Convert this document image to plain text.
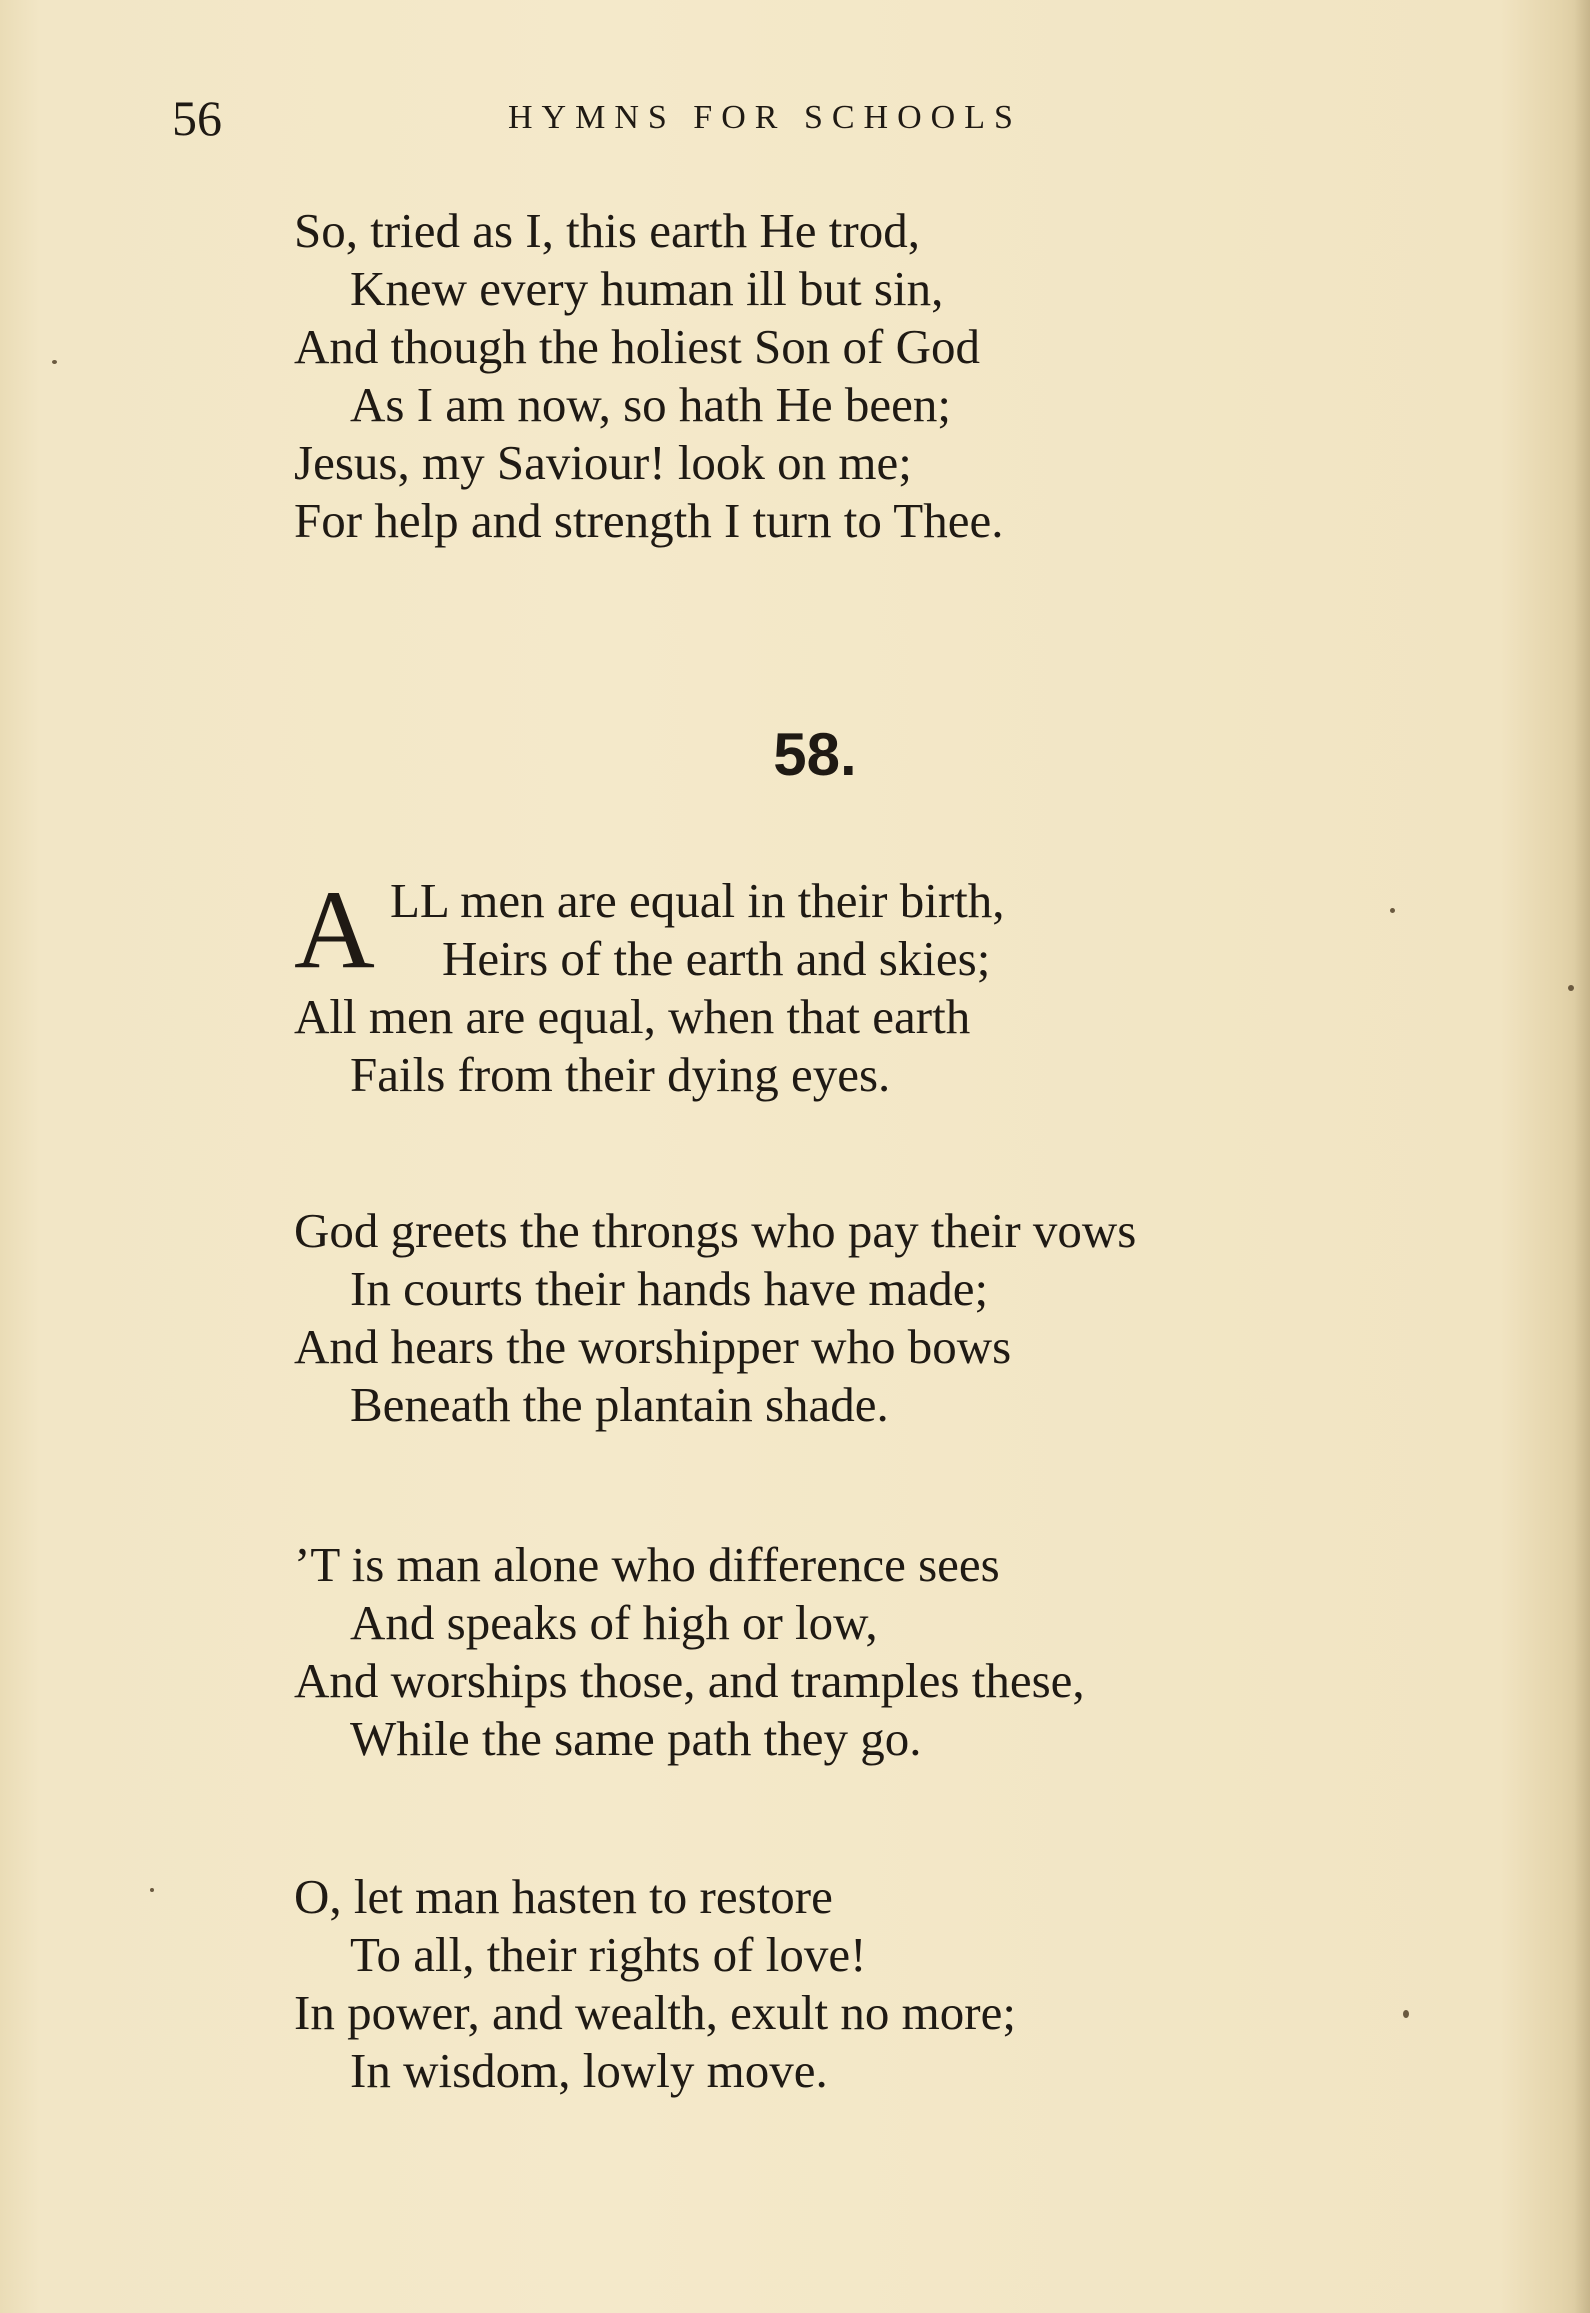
56	HYMNS FOR SCHOOLS
So, tried as I, this earth He trod,
Knew every human ill but sin,
And though the holiest Son of God
As I am now, so hath He been;
Jesus, my Saviour! look on me;
For help and strength I turn to Thee.
58.
A LL men are equal in their birth,
Heirs of the earth and skies;
All men are equal, when that earth
Fails from their dying eyes.
God greets the throngs who pay their vows
In courts their hands have made;
And hears the worshipper who bows
Beneath the plantain shade.
’T is man alone who difference sees
And speaks of high or low,
And worships those, and tramples these,
While the same path they go.
O, let man hasten to restore
To all, their rights of love!
In power, and wealth, exult no more;
In wisdom, lowly move.
